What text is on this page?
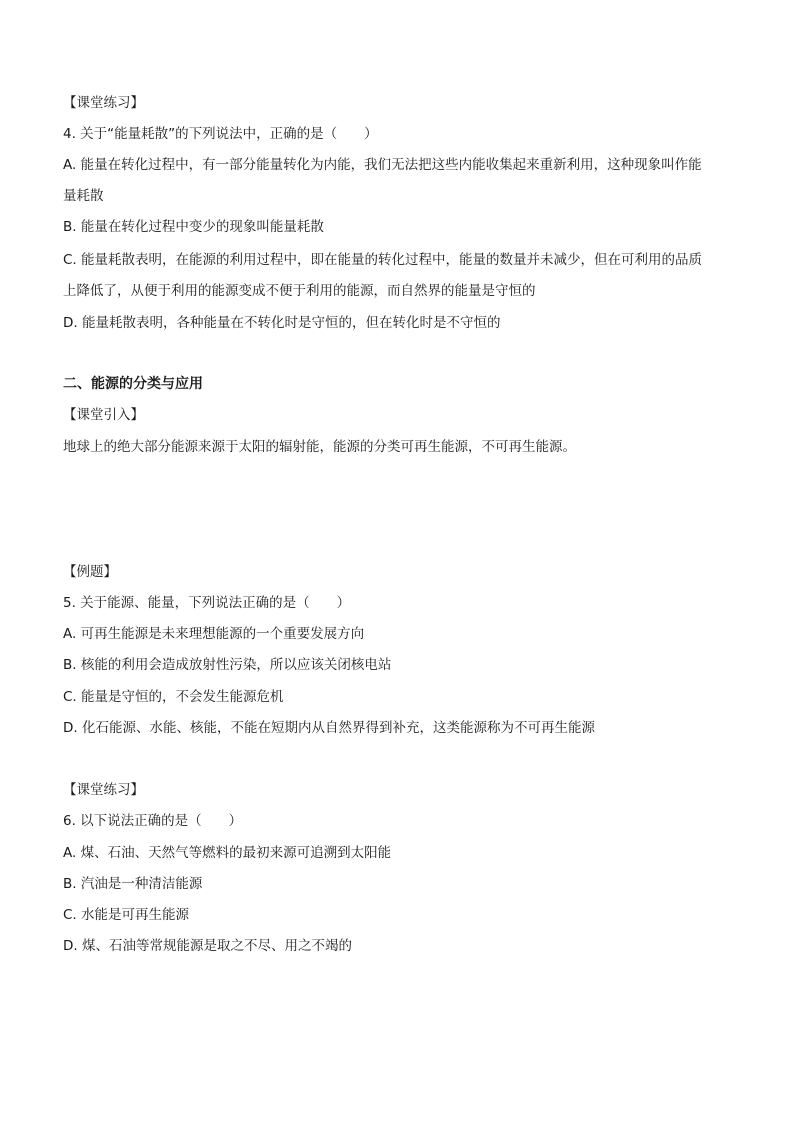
【课堂练习】
4. 关于“能量耗散”的下列说法中，正确的是（　　）
A. 能量在转化过程中，有一部分能量转化为内能，我们无法把这些内能收集起来重新利用，这种现象叫作能
量耗散
B. 能量在转化过程中变少的现象叫能量耗散
C. 能量耗散表明，在能源的利用过程中，即在能量的转化过程中，能量的数量并未减少，但在可利用的品质
上降低了，从便于利用的能源变成不便于利用的能源，而自然界的能量是守恒的
D. 能量耗散表明，各种能量在不转化时是守恒的，但在转化时是不守恒的
二、能源的分类与应用
【课堂引入】
地球上的绝大部分能源来源于太阳的辐射能，能源的分类可再生能源，不可再生能源。
【例题】
5. 关于能源、能量，下列说法正确的是（　　）
A. 可再生能源是未来理想能源的一个重要发展方向
B. 核能的利用会造成放射性污染，所以应该关闭核电站
C. 能量是守恒的，不会发生能源危机
D. 化石能源、水能、核能，不能在短期内从自然界得到补充，这类能源称为不可再生能源
【课堂练习】
6. 以下说法正确的是（　　）
A. 煤、石油、天然气等燃料的最初来源可追溯到太阳能
B. 汽油是一种清洁能源
C. 水能是可再生能源
D. 煤、石油等常规能源是取之不尽、用之不竭的
